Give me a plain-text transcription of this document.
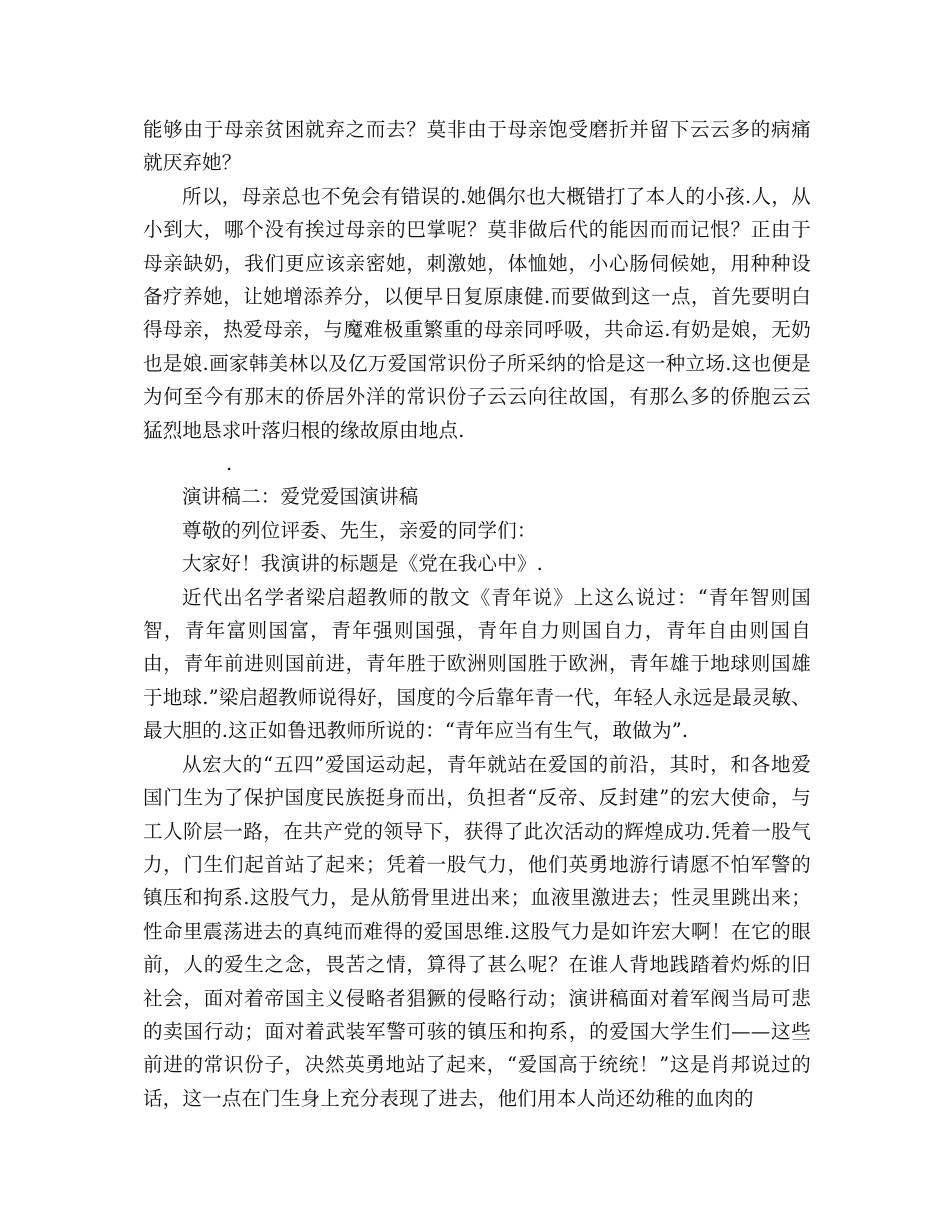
能够由于母亲贫困就弃之而去？莫非由于母亲饱受磨折并留下云云多的病痛就厌弃她？

所以，母亲总也不免会有错误的.她偶尔也大概错打了本人的小孩.人，从小到大，哪个没有挨过母亲的巴掌呢？莫非做后代的能因而而记恨？正由于母亲缺奶，我们更应该亲密她，刺激她，体恤她，小心肠伺候她，用种种设备疗养她，让她增添养分，以便早日复原康健.而要做到这一点，首先要明白得母亲，热爱母亲，与魔难极重繁重的母亲同呼吸，共命运.有奶是娘，无奶也是娘.画家韩美林以及亿万爱国常识份子所采纳的恰是这一种立场.这也便是为何至今有那末的侨居外洋的常识份子云云向往故国，有那么多的侨胞云云猛烈地恳求叶落归根的缘故原由地点.

.

演讲稿二：爱党爱国演讲稿

尊敬的列位评委、先生，亲爱的同学们：

大家好！我演讲的标题是《党在我心中》.

近代出名学者梁启超教师的散文《青年说》上这么说过：“青年智则国智，青年富则国富，青年强则国强，青年自力则国自力，青年自由则国自由，青年前进则国前进，青年胜于欧洲则国胜于欧洲，青年雄于地球则国雄于地球.”梁启超教师说得好，国度的今后靠年青一代，年轻人永远是最灵敏、最大胆的.这正如鲁迅教师所说的：“青年应当有生气，敢做为”.

从宏大的“五四”爱国运动起，青年就站在爱国的前沿，其时，和各地爱国门生为了保护国度民族挺身而出，负担者“反帝、反封建”的宏大使命，与工人阶层一路，在共产党的领导下，获得了此次活动的辉煌成功.凭着一股气力，门生们起首站了起来；凭着一股气力，他们英勇地游行请愿不怕军警的镇压和拘系.这股气力，是从筋骨里进出来；血液里激进去；性灵里跳出来；性命里震荡进去的真纯而难得的爱国思维.这股气力是如许宏大啊！在它的眼前，人的爱生之念，畏苦之情，算得了甚么呢？在谁人背地践踏着灼烁的旧社会，面对着帝国主义侵略者猖獗的侵略行动；演讲稿面对着军阀当局可悲的卖国行动；面对着武装军警可骇的镇压和拘系，的爱国大学生们——这些前进的常识份子，决然英勇地站了起来，“爱国高于统统！”这是肖邦说过的话，这一点在门生身上充分表现了进去，他们用本人尚还幼稚的血肉的
